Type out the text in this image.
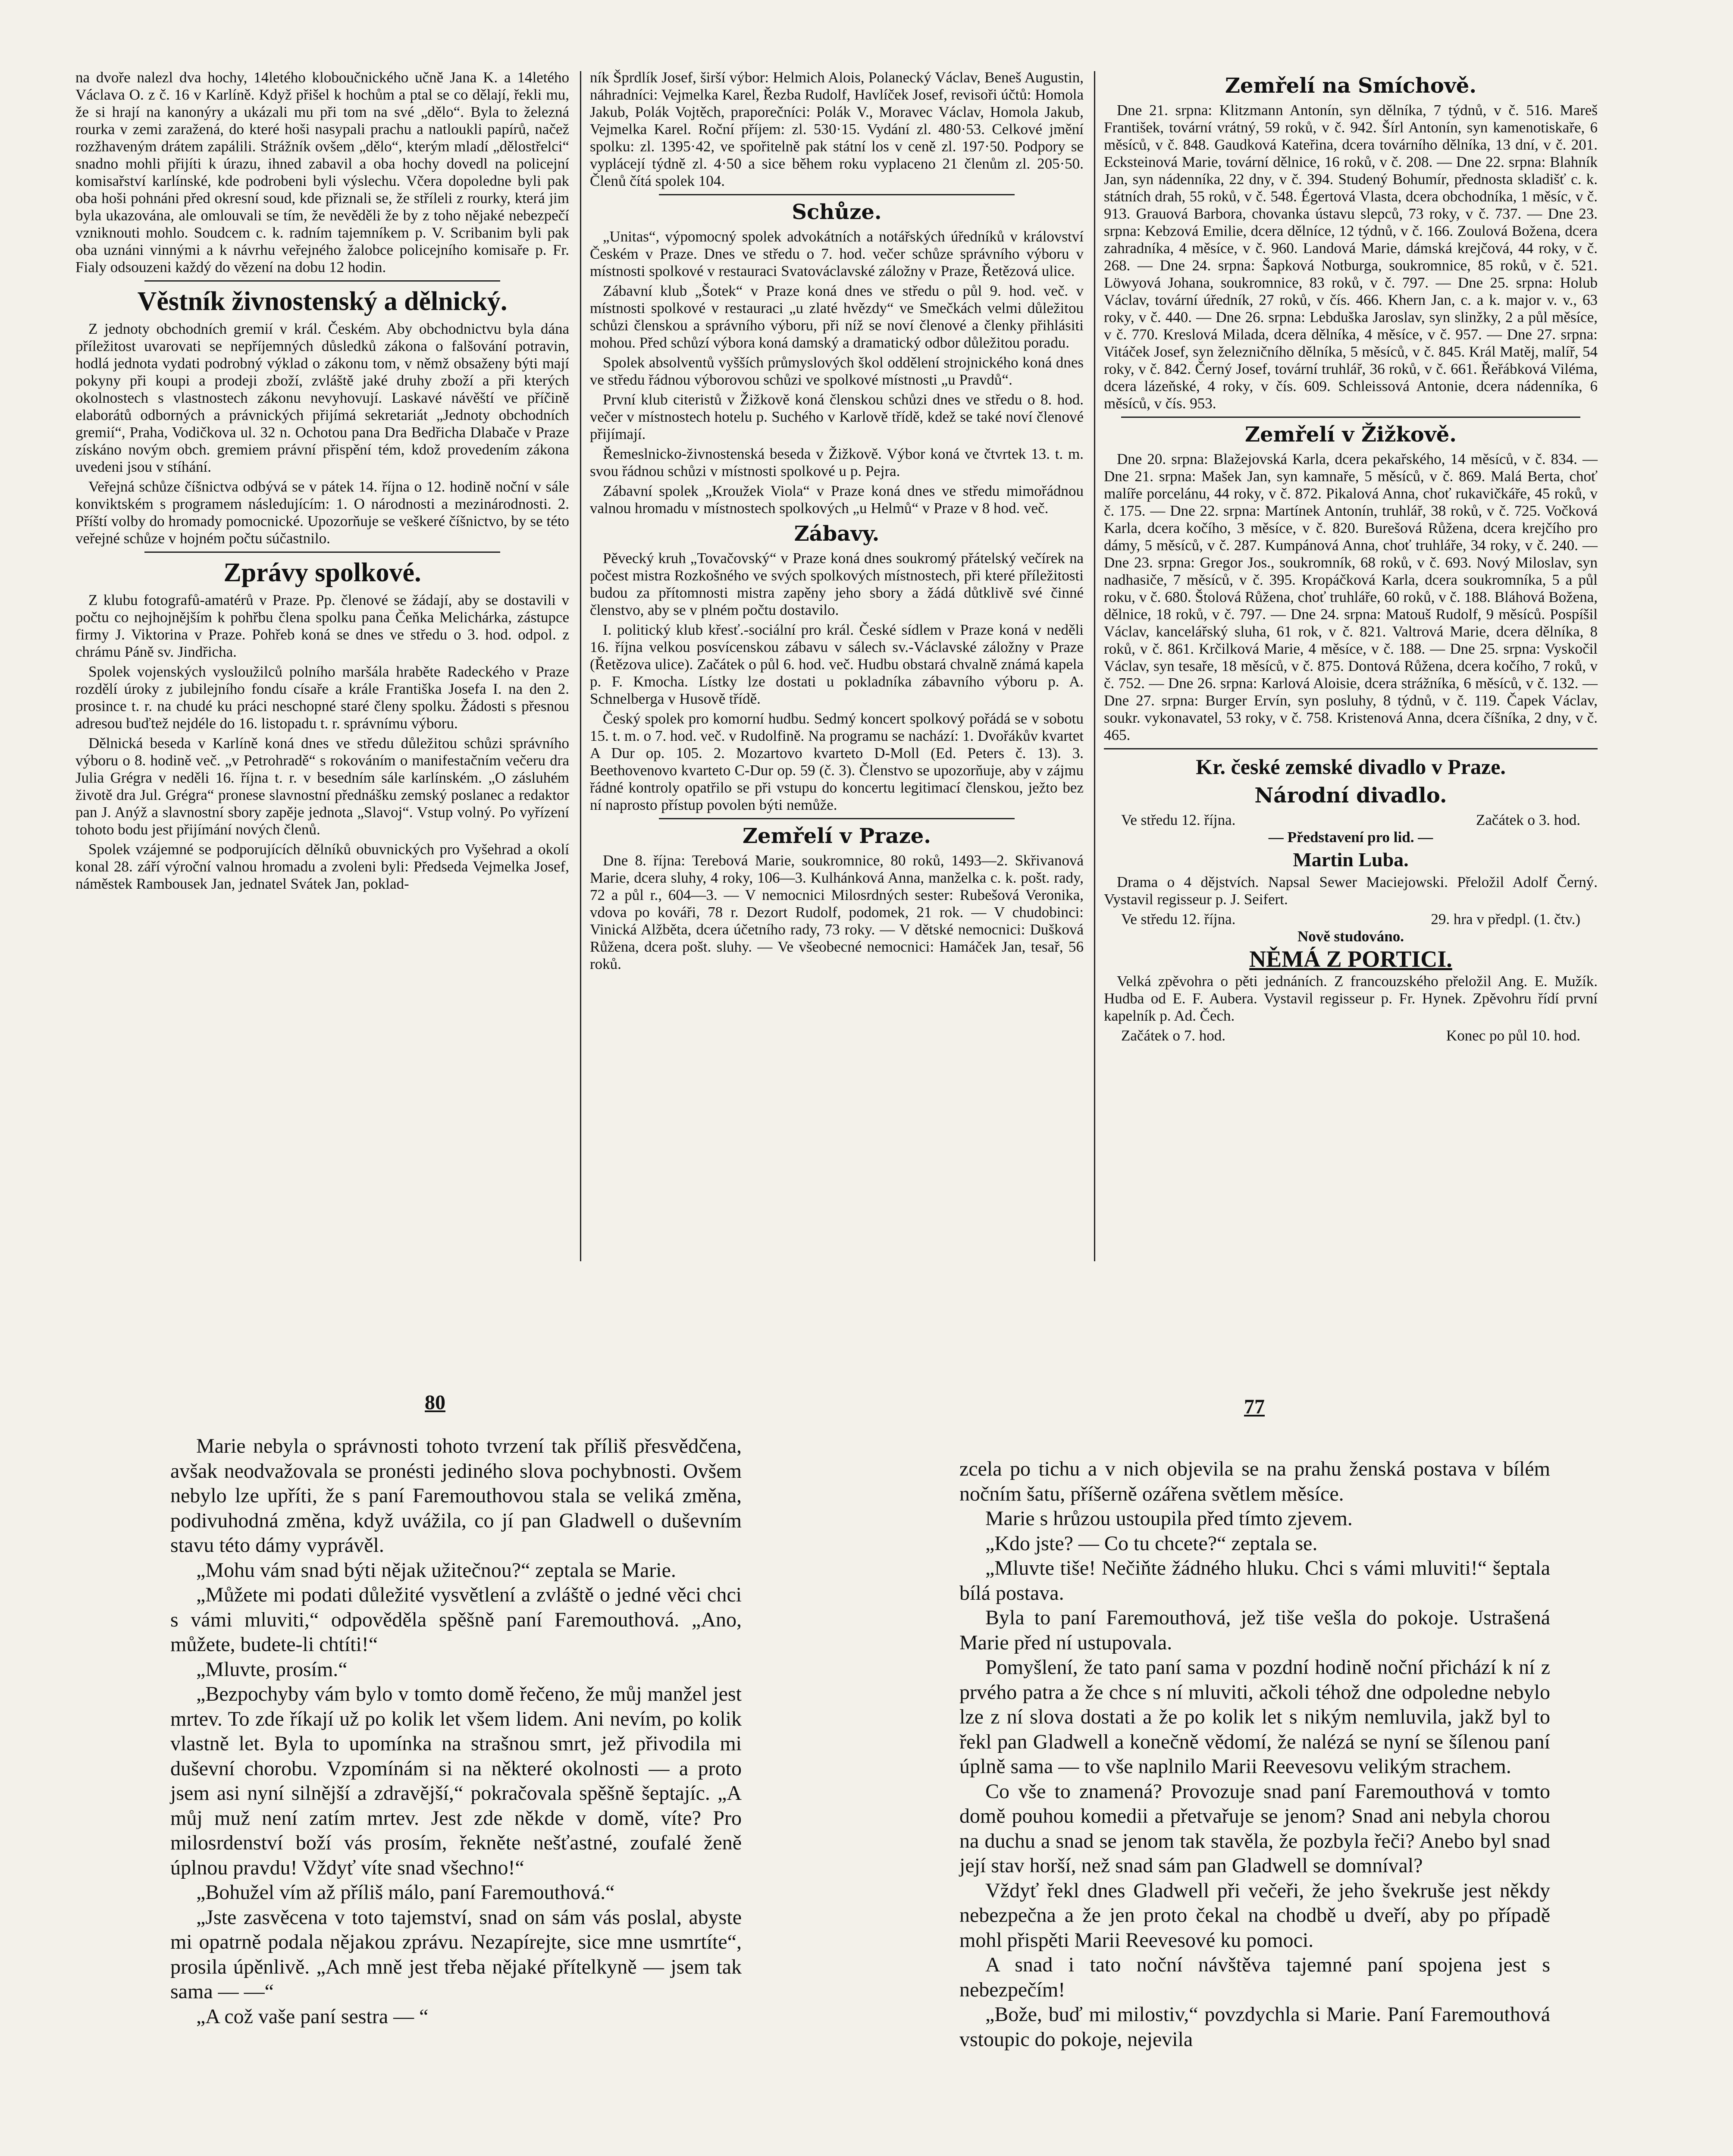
na dvoře nalezl dva hochy, 14letého kloboučnického učně Jana K. a 14letého Václava O. z č. 16 v Karlíně. Když přišel k hochům a ptal se co dělají, řekli mu, že si hrají na kanonýry a ukázali mu při tom na své „dělo“. Byla to železná rourka v zemi zaražená, do které hoši nasypali prachu a natloukli papírů, načež rozžhaveným drátem zapálili. Strážník ovšem „dělo“, kterým mladí „dělostřelci“ snadno mohli přijíti k úrazu, ihned zabavil a oba hochy dovedl na policejní komisařství karlínské, kde podrobeni byli výslechu. Včera dopoledne byli pak oba hoši pohnáni před okresní soud, kde přiznali se, že stříleli z rourky, která jim byla ukazována, ale omlouvali se tím, že nevěděli že by z toho nějaké nebezpečí vzniknouti mohlo. Soudcem c. k. radním tajemníkem p. V. Scribanim byli pak oba uznáni vinnými a k návrhu veřejného žalobce policejního komisaře p. Fr. Fialy odsouzeni každý do vězení na dobu 12 hodin.

Věstník živnostenský a dělnický.

Z jednoty obchodních gremií v král. Českém. Aby obchodnictvu byla dána příležitost uvarovati se nepříjemných důsledků zákona o falšování potravin, hodlá jednota vydati podrobný výklad o zákonu tom, v němž obsaženy býti mají pokyny při koupi a prodeji zboží, zvláště jaké druhy zboží a při kterých okolnostech s vlastnostech zákonu nevyhovují. Laskavé návěští ve příčině elaborátů odborných a právnických přijímá sekretariát „Jednoty obchodních gremií“, Praha, Vodičkova ul. 32 n. Ochotou pana Dra Bedřicha Dlabače v Praze získáno novým obch. gremiem právní přispění tém, kdož provedením zákona uvedeni jsou v stíhání.

Veřejná schůze číšnictva odbývá se v pátek 14. října o 12. hodině noční v sále konviktském s programem následujícím: 1. O národnosti a mezinárodnosti. 2. Příští volby do hromady pomocnické. Upozorňuje se veškeré číšnictvo, by se této veřejné schůze v hojném počtu súčastnilo.

Zprávy spolkové.

Z klubu fotografů-amatérů v Praze. Pp. členové se žádají, aby se dostavili v počtu co nejhojnějším k pohřbu člena spolku pana Čeňka Melichárka, zástupce firmy J. Viktorina v Praze. Pohřeb koná se dnes ve středu o 3. hod. odpol. z chrámu Páně sv. Jindřicha.

Spolek vojenských vysloužilců polního maršála hraběte Radeckého v Praze rozdělí úroky z jubilejního fondu císaře a krále Františka Josefa I. na den 2. prosince t. r. na chudé ku práci neschopné staré členy spolku. Žádosti s přesnou adresou buďtež nejdéle do 16. listopadu t. r. správnímu výboru.

Dělnická beseda v Karlíně koná dnes ve středu důležitou schůzi správního výboru o 8. hodině več. „v Petrohradě“ s rokováním o manifestačním večeru dra Julia Grégra v neděli 16. října t. r. v besedním sále karlínském. „O zásluhém životě dra Jul. Grégra“ pronese slavnostní přednášku zemský poslanec a redaktor pan J. Anýž a slavnostní sbory zapěje jednota „Slavoj“. Vstup volný. Po vyřízení tohoto bodu jest přijímání nových členů.

Spolek vzájemné se podporujících dělníků obuvnických pro Vyšehrad a okolí konal 28. září výroční valnou hromadu a zvoleni byli: Předseda Vejmelka Josef, náměstek Rambousek Jan, jednatel Svátek Jan, poklad-

ník Šprdlík Josef, širší výbor: Helmich Alois, Polanecký Václav, Beneš Augustin, náhradníci: Vejmelka Karel, Řezba Rudolf, Havlíček Josef, revisoři účtů: Homola Jakub, Polák Vojtěch, praporečníci: Polák V., Moravec Václav, Homola Jakub, Vejmelka Karel. Roční příjem: zl. 530·15. Vydání zl. 480·53. Celkové jmění spolku: zl. 1395·42, ve spořitelně pak státní los v ceně zl. 197·50. Podpory se vyplácejí týdně zl. 4·50 a sice během roku vyplaceno 21 členům zl. 205·50. Členů čítá spolek 104.

Schůze.

„Unitas“, výpomocný spolek advokátních a notářských úředníků v království Českém v Praze. Dnes ve středu o 7. hod. večer schůze správního výboru v místnosti spolkové v restauraci Svatováclavské záložny v Praze, Řetězová ulice.

Zábavní klub „Šotek“ v Praze koná dnes ve středu o půl 9. hod. več. v místnosti spolkové v restauraci „u zlaté hvězdy“ ve Smečkách velmi důležitou schůzi členskou a správního výboru, při níž se noví členové a členky přihlásiti mohou. Před schůzí výbora koná damský a dramatický odbor důležitou poradu.

Spolek absolventů vyšších průmyslových škol oddělení strojnického koná dnes ve středu řádnou výborovou schůzi ve spolkové místnosti „u Pravdů“.

První klub citeristů v Žižkově koná členskou schůzi dnes ve středu o 8. hod. večer v místnostech hotelu p. Suchého v Karlově třídě, kdež se také noví členové přijímají.

Řemeslnicko-živnostenská beseda v Žižkově. Výbor koná ve čtvrtek 13. t. m. svou řádnou schůzi v místnosti spolkové u p. Pejra.

Zábavní spolek „Kroužek Viola“ v Praze koná dnes ve středu mimořádnou valnou hromadu v místnostech spolkových „u Helmů“ v Praze v 8 hod. več.

Zábavy.

Pěvecký kruh „Tovačovský“ v Praze koná dnes soukromý přátelský večírek na počest mistra Rozkošného ve svých spolkových místnostech, při které příležitosti budou za přítomnosti mistra zapěny jeho sbory a žádá důtklivě své činné členstvo, aby se v plném počtu dostavilo.

I. politický klub křesť.-sociální pro král. České sídlem v Praze koná v neděli 16. října velkou posvícenskou zábavu v sálech sv.-Václavské záložny v Praze (Řetězova ulice). Začátek o půl 6. hod. več. Hudbu obstará chvalně známá kapela p. F. Kmocha. Lístky lze dostati u pokladníka zábavního výboru p. A. Schnelberga v Husově třídě.

Český spolek pro komorní hudbu. Sedmý koncert spolkový pořádá se v sobotu 15. t. m. o 7. hod. več. v Rudolfině. Na programu se nachází: 1. Dvořákův kvartet A Dur op. 105. 2. Mozartovo kvarteto D-Moll (Ed. Peters č. 13). 3. Beethovenovo kvarteto C-Dur op. 59 (č. 3). Členstvo se upozorňuje, aby v zájmu řádné kontroly opatřilo se při vstupu do koncertu legitimací členskou, ježto bez ní naprosto přístup povolen býti nemůže.

Zemřelí v Praze.

Dne 8. října: Terebová Marie, soukromnice, 80 roků, 1493—2. Skřivanová Marie, dcera sluhy, 4 roky, 106—3. Kulhánková Anna, manželka c. k. pošt. rady, 72 a půl r., 604—3. — V nemocnici Milosrdných sester: Rubešová Veronika, vdova po kováři, 78 r. Dezort Rudolf, podomek, 21 rok. — V chudobinci: Vinická Alžběta, dcera účetního rady, 73 roky. — V dětské nemocnici: Dušková Růžena, dcera pošt. sluhy. — Ve všeobecné nemocnici: Hamáček Jan, tesař, 56 roků.

Zemřelí na Smíchově.

Dne 21. srpna: Klitzmann Antonín, syn dělníka, 7 týdnů, v č. 516. Mareš František, tovární vrátný, 59 roků, v č. 942. Šírl Antonín, syn kamenotiskaře, 6 měsíců, v č. 848. Gaudková Kateřina, dcera továrního dělníka, 13 dní, v č. 201. Ecksteinová Marie, tovární dělnice, 16 roků, v č. 208. — Dne 22. srpna: Blahník Jan, syn nádenníka, 22 dny, v č. 394. Studený Bohumír, přednosta skladišť c. k. státních drah, 55 roků, v č. 548. Égertová Vlasta, dcera obchodníka, 1 měsíc, v č. 913. Grauová Barbora, chovanka ústavu slepců, 73 roky, v č. 737. — Dne 23. srpna: Kebzová Emilie, dcera dělníce, 12 týdnů, v č. 166. Zoulová Božena, dcera zahradníka, 4 měsíce, v č. 960. Landová Marie, dámská krejčová, 44 roky, v č. 268. — Dne 24. srpna: Šapková Notburga, soukromnice, 85 roků, v č. 521. Löwyová Johana, soukromnice, 83 roků, v č. 797. — Dne 25. srpna: Holub Václav, tovární úředník, 27 roků, v čís. 466. Khern Jan, c. a k. major v. v., 63 roky, v č. 440. — Dne 26. srpna: Lebduška Jaroslav, syn slinžky, 2 a půl měsíce, v č. 770. Kreslová Milada, dcera dělníka, 4 měsíce, v č. 957. — Dne 27. srpna: Vitáček Josef, syn železničního dělníka, 5 měsíců, v č. 845. Král Matěj, malíř, 54 roky, v č. 842. Černý Josef, tovární truhlář, 36 roků, v č. 661. Řeřábková Viléma, dcera lázeňské, 4 roky, v čís. 609. Schleissová Antonie, dcera nádenníka, 6 měsíců, v čís. 953.

Zemřelí v Žižkově.

Dne 20. srpna: Blažejovská Karla, dcera pekařského, 14 měsíců, v č. 834. — Dne 21. srpna: Mašek Jan, syn kamnaře, 5 měsíců, v č. 869. Malá Berta, choť malíře porcelánu, 44 roky, v č. 872. Pikalová Anna, choť rukavičkáře, 45 roků, v č. 175. — Dne 22. srpna: Martínek Antonín, truhlář, 38 roků, v č. 725. Vočková Karla, dcera kočího, 3 měsíce, v č. 820. Burešová Růžena, dcera krejčího pro dámy, 5 měsíců, v č. 287. Kumpánová Anna, choť truhláře, 34 roky, v č. 240. — Dne 23. srpna: Gregor Jos., soukromník, 68 roků, v č. 693. Nový Miloslav, syn nadhasiče, 7 měsíců, v č. 395. Kropáčková Karla, dcera soukromníka, 5 a půl roku, v č. 680. Štolová Růžena, choť truhláře, 60 roků, v č. 188. Bláhová Božena, dělnice, 18 roků, v č. 797. — Dne 24. srpna: Matouš Rudolf, 9 měsíců. Pospíšil Václav, kancelářský sluha, 61 rok, v č. 821. Valtrová Marie, dcera dělníka, 8 roků, v č. 861. Krčilková Marie, 4 měsíce, v č. 188. — Dne 25. srpna: Vyskočil Václav, syn tesaře, 18 měsíců, v č. 875. Dontová Růžena, dcera kočího, 7 roků, v č. 752. — Dne 26. srpna: Karlová Aloisie, dcera strážníka, 6 měsíců, v č. 132. — Dne 27. srpna: Burger Ervín, syn posluhy, 8 týdnů, v č. 119. Čapek Václav, soukr. vykonavatel, 53 roky, v č. 758. Kristenová Anna, dcera číšníka, 2 dny, v č. 465.

Kr. české zemské divadlo v Praze.
Národní divadlo.
Ve středu 12. října.	Začátek o 3. hod.
— Představení pro lid. —
Martin Luba.

Drama o 4 dějstvích. Napsal Sewer Maciejowski. Přeložil Adolf Černý. Vystavil regisseur p. J. Seifert.

Ve středu 12. října.	29. hra v předpl. (1. čtv.)
Nově studováno.
NĚMÁ Z PORTICI.

Velká zpěvohra o pěti jednáních. Z francouzského přeložil Ang. E. Mužík. Hudba od E. F. Aubera. Vystavil regisseur p. Fr. Hynek. Zpěvohru řídí první kapelník p. Ad. Čech.

Začátek o 7. hod.	Konec po půl 10. hod.
80	77

Marie nebyla o správnosti tohoto tvrzení tak příliš přesvědčena, avšak neodvažovala se pronésti jediného slova pochybnosti. Ovšem nebylo lze upříti, že s paní Faremouthovou stala se veliká změna, podivuhodná změna, když uvážila, co jí pan Gladwell o duševním stavu této dámy vyprávěl.

„Mohu vám snad býti nějak užitečnou?“ zeptala se Marie.

„Můžete mi podati důležité vysvětlení a zvláště o jedné věci chci s vámi mluviti,“ odpověděla spěšně paní Faremouthová. „Ano, můžete, budete-li chtíti!“

„Mluvte, prosím.“

„Bezpochyby vám bylo v tomto domě řečeno, že můj manžel jest mrtev. To zde říkají už po kolik let všem lidem. Ani nevím, po kolik vlastně let. Byla to upomínka na strašnou smrt, jež přivodila mi duševní chorobu. Vzpomínám si na některé okolnosti — a proto jsem asi nyní silnější a zdravější,“ pokračovala spěšně šeptajíc. „A můj muž není zatím mrtev. Jest zde někde v domě, víte? Pro milosrdenství boží vás prosím, řekněte nešťastné, zoufalé ženě úplnou pravdu! Vždyť víte snad všechno!“

„Bohužel vím až příliš málo, paní Faremouthová.“

„Jste zasvěcena v toto tajemství, snad on sám vás poslal, abyste mi opatrně podala nějakou zprávu. Nezapírejte, sice mne usmrtíte“, prosila úpěnlivě. „Ach mně jest třeba nějaké přítelkyně — jsem tak sama — —“

„A což vaše paní sestra — “

zcela po tichu a v nich objevila se na prahu ženská postava v bílém nočním šatu, příšerně ozářena světlem měsíce.

Marie s hrůzou ustoupila před tímto zjevem.

„Kdo jste? — Co tu chcete?“ zeptala se.

„Mluvte tiše! Nečiňte žádného hluku. Chci s vámi mluviti!“ šeptala bílá postava.

Byla to paní Faremouthová, jež tiše vešla do pokoje. Ustrašená Marie před ní ustupovala.

Pomyšlení, že tato paní sama v pozdní hodině noční přichází k ní z prvého patra a že chce s ní mluviti, ačkoli téhož dne odpoledne nebylo lze z ní slova dostati a že po kolik let s nikým nemluvila, jakž byl to řekl pan Gladwell a konečně vědomí, že nalézá se nyní se šílenou paní úplně sama — to vše naplnilo Marii Reevesovu velikým strachem.

Co vše to znamená? Provozuje snad paní Faremouthová v tomto domě pouhou komedii a přetvařuje se jenom? Snad ani nebyla chorou na duchu a snad se jenom tak stavěla, že pozbyla řeči? Anebo byl snad její stav horší, než snad sám pan Gladwell se domníval?

Vždyť řekl dnes Gladwell při večeři, že jeho švekruše jest někdy nebezpečna a že jen proto čekal na chodbě u dveří, aby po případě mohl přispěti Marii Reevesové ku pomoci.

A snad i tato noční návštěva tajemné paní spojena jest s nebezpečím!

„Bože, buď mi milostiv,“ povzdychla si Marie. Paní Faremouthová vstoupic do pokoje, nejevila
